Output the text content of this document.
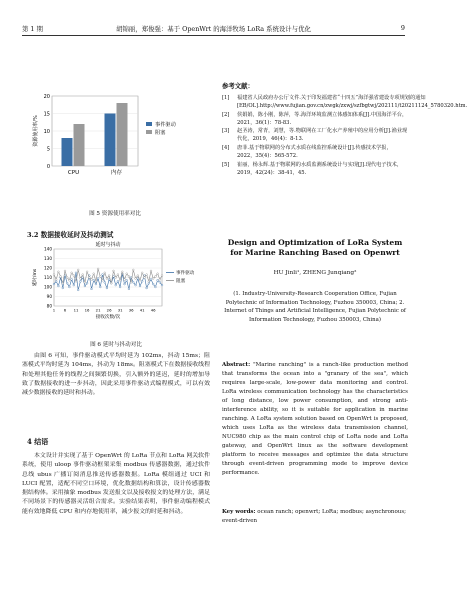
第 1 期	胡锦丽，郑俊强：基于 OpenWrt 的海洋牧场 LoRa 系统设计与优化	9
20
15
10
5
0
CPU	内存
资源使用率/%	事件驱动
阻塞
图 5 资源使用率对比
3.2 数据接收延时及抖动测试
延时与抖动
140
130
120
110
100
90
80
1 6 11 16 21 26 31 36 41 46
接收次数/次
延时/ms	事件驱动
阻塞
图 6 延时与抖动对比
由图 6 可知，事件驱动模式平均时延为 102ms，抖动 15ms；阻塞模式平均时延为 104ms，抖动为 18ms。阻塞模式下在数据接收线程和处理其他任务的线程之间频繁切换，引入额外的延迟，延时的增加导致了数据接收的进一步抖动，因此采用事件驱动式编程模式，可以有效减少数据接收的延时和抖动。
4 结语
本文设计并实现了基于 OpenWrt 的 LoRa 节点和 LoRa 网关软件系统，使用 uloop 事件驱动框架采集 modbus 传感器数据，通过软件总线 ubus 广播订阅消息推送传感器数据。LoRa 模组通过 UCI 和 LUCI 配置，适配不同空口环境，优化数据结构和算法，设计传感器数据结构体。采用抽象 modbus 发送报文以及接收报文的处理方法，满足不同场景下的传感器灵活组合需求。实验结果表明，事件驱动编程模式能有效地降低 CPU 和内存地使用率，减少报文的时延和抖动。
参考文献：
[1]	福建省人民政府办公厅文件.关于印发福建省“十四五”海洋强省建设专项规划的通知[EB/OL].http://www.fujian.gov.cn/zwgk/zxwj/szfbgtwj/202111/t20211124_5780320.htm.
[2]	侯娟娟，陈小刚，陈萍，等.海洋环境监测立体感知体系[J].中国海洋平台，2021，36(1)：78-83.
[3]	赵圣涛，常青，刘慧，等.物联网在工厂化水产养殖中的应用分析[J].渔业现代化，2019，46(4)：8-13.
[4]	唐菲.基于物联网的分布式水质在线监控系统设计[J].传感技术学报，2022，35(4)：565-572.
[5]	崔丽，杨永辉.基于物联网的水质监测系统设计与实现[J].现代电子技术，2019，42(24)：38-41，45.
Design and Optimization of LoRa System
for Marine Ranching Based on Openwrt
HU Jinli¹, ZHENG Junqiang²
(1. Industry-University-Research Cooperation Office, Fujian Polytechnic of Information Technology, Fuzhou 350003, China; 2. Internet of Things and Artificial Intelligence, Fujian Polytechnic of Information Technology, Fuzhou 350003, China)
Abstract: "Marine ranching" is a ranch-like production method that transforms the ocean into a "granary of the sea", which requires large-scale, low-power data monitoring and control. LoRa wireless communication technology has the characteristics of long distance, low power consumption, and strong anti-interference ability, so it is suitable for application in marine ranching. A LoRa system solution based on OpenWrt is proposed, which uses LoRa as the wireless data transmission channel, NUC980 chip as the main control chip of LoRa node and LoRa gateway, and OpenWrt linux as the software development platform to receive messages and optimize the data structure through event-driven programming mode to improve device performance.
Key words: ocean ranch; openwrt; LoRa; modbus; asynchronous; event-driven
